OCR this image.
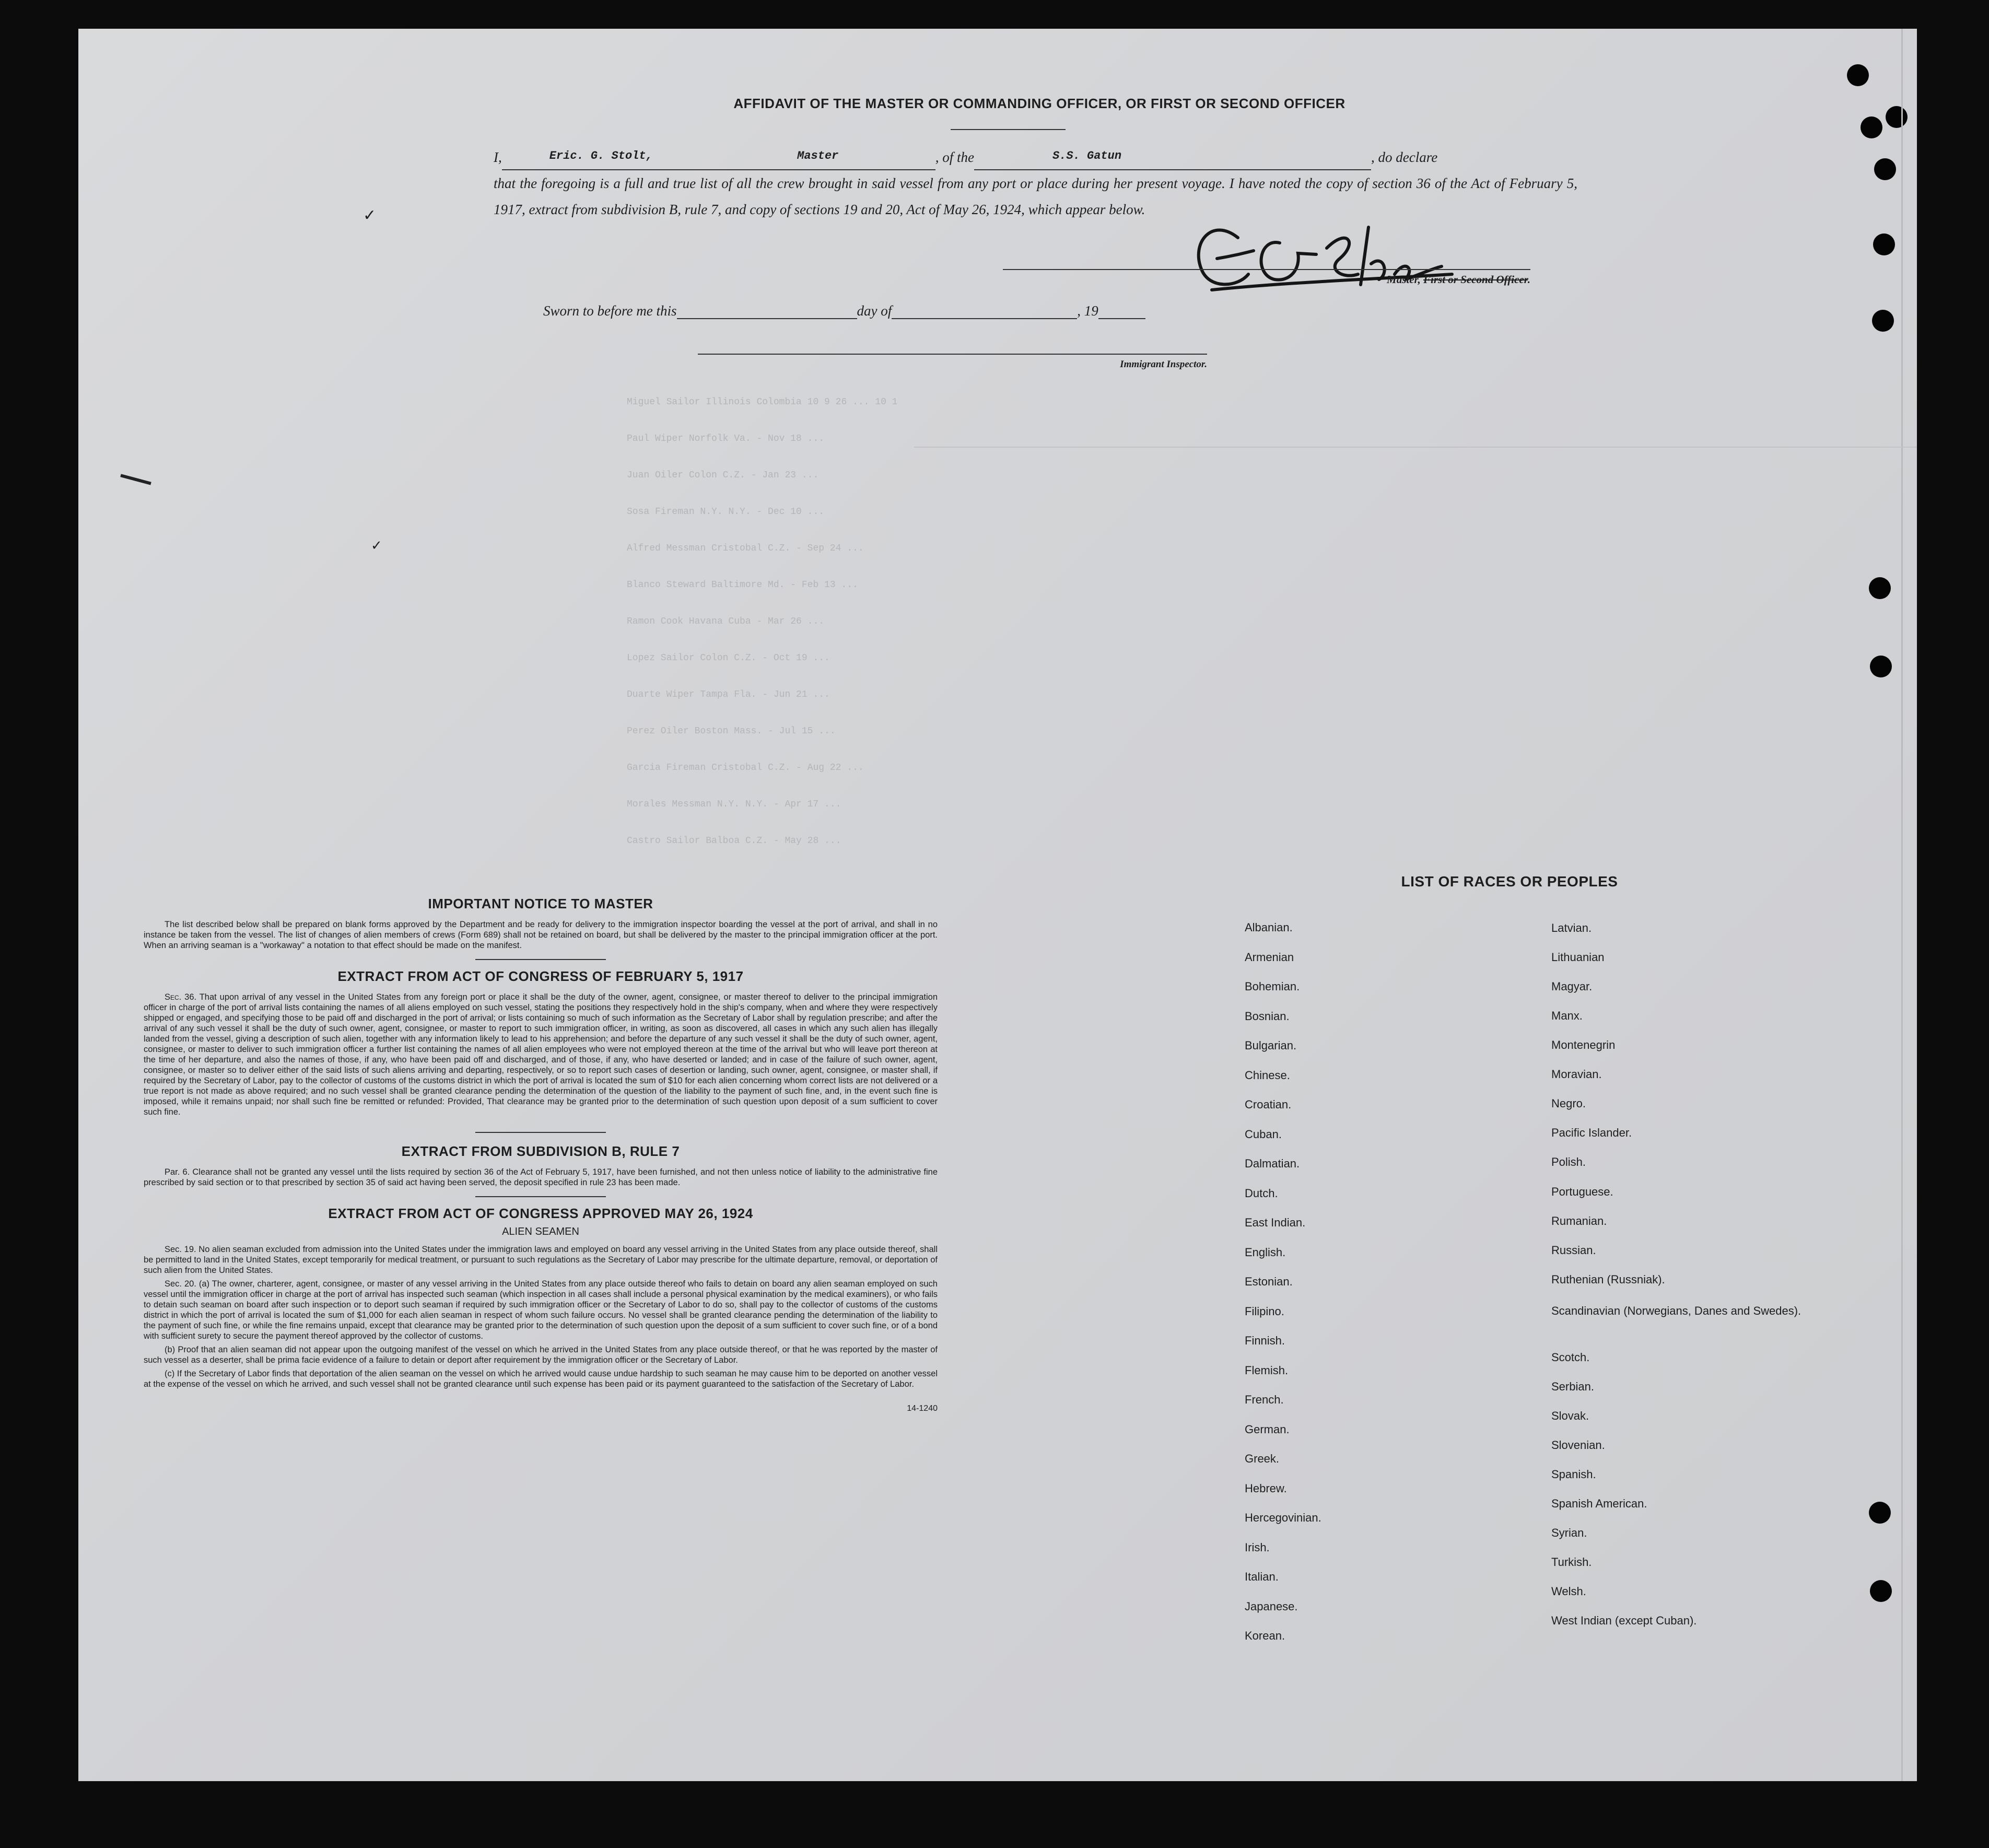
Miguel Sailor Illinois Colombia 10 9 26 ... 10 1
Paul Wiper Norfolk Va. - Nov 18 ...
Juan Oiler Colon C.Z. - Jan 23 ...
Sosa Fireman N.Y. N.Y. - Dec 10 ...
Alfred Messman Cristobal C.Z. - Sep 24 ...
Blanco Steward Baltimore Md. - Feb 13 ...
Ramon Cook Havana Cuba - Mar 26 ...
Lopez Sailor Colon C.Z. - Oct 19 ...
Duarte Wiper Tampa Fla. - Jun 21 ...
Perez Oiler Boston Mass. - Jul 15 ...
Garcia Fireman Cristobal C.Z. - Aug 22 ...
Morales Messman N.Y. N.Y. - Apr 17 ...
Castro Sailor Balboa C.Z. - May 28 ...
AFFIDAVIT OF THE MASTER OR COMMANDING OFFICER, OR FIRST OR SECOND OFFICER
I,	Eric. G. Stolt,	Master	, of the	S.S. Gatun	, do declare
that the foregoing is a full and true list of all the crew brought in said vessel from any port or place during her present voyage. I have noted the copy of section 36 of the Act of February 5, 1917, extract from subdivision B, rule 7, and copy of sections 19 and 20, Act of May 26, 1924, which appear below.
Master, First or Second Officer.
Sworn to before me this	day of	, 19
Immigrant Inspector.
✓
✓
IMPORTANT NOTICE TO MASTER
The list described below shall be prepared on blank forms approved by the Department and be ready for delivery to the immigration inspector boarding the vessel at the port of arrival, and shall in no instance be taken from the vessel. The list of changes of alien members of crews (Form 689) shall not be retained on board, but shall be delivered by the master to the principal immigration officer at the port. When an arriving seaman is a "workaway" a notation to that effect should be made on the manifest.
EXTRACT FROM ACT OF CONGRESS OF FEBRUARY 5, 1917
Sec. 36. That upon arrival of any vessel in the United States from any foreign port or place it shall be the duty of the owner, agent, consignee, or master thereof to deliver to the principal immigration officer in charge of the port of arrival lists containing the names of all aliens employed on such vessel, stating the positions they respectively hold in the ship's company, when and where they were respectively shipped or engaged, and specifying those to be paid off and discharged in the port of arrival; or lists containing so much of such information as the Secretary of Labor shall by regulation prescribe; and after the arrival of any such vessel it shall be the duty of such owner, agent, consignee, or master to report to such immigration officer, in writing, as soon as discovered, all cases in which any such alien has illegally landed from the vessel, giving a description of such alien, together with any information likely to lead to his apprehension; and before the departure of any such vessel it shall be the duty of such owner, agent, consignee, or master to deliver to such immigration officer a further list containing the names of all alien employees who were not employed thereon at the time of the arrival but who will leave port thereon at the time of her departure, and also the names of those, if any, who have been paid off and discharged, and of those, if any, who have deserted or landed; and in case of the failure of such owner, agent, consignee, or master so to deliver either of the said lists of such aliens arriving and departing, respectively, or so to report such cases of desertion or landing, such owner, agent, consignee, or master shall, if required by the Secretary of Labor, pay to the collector of customs of the customs district in which the port of arrival is located the sum of $10 for each alien concerning whom correct lists are not delivered or a true report is not made as above required; and no such vessel shall be granted clearance pending the determination of the question of the liability to the payment of such fine, and, in the event such fine is imposed, while it remains unpaid; nor shall such fine be remitted or refunded: Provided, That clearance may be granted prior to the determination of such question upon deposit of a sum sufficient to cover such fine.
EXTRACT FROM SUBDIVISION B, RULE 7
Par. 6. Clearance shall not be granted any vessel until the lists required by section 36 of the Act of February 5, 1917, have been furnished, and not then unless notice of liability to the administrative fine prescribed by said section or to that prescribed by section 35 of said act having been served, the deposit specified in rule 23 has been made.
EXTRACT FROM ACT OF CONGRESS APPROVED MAY 26, 1924
ALIEN SEAMEN
Sec. 19. No alien seaman excluded from admission into the United States under the immigration laws and employed on board any vessel arriving in the United States from any place outside thereof, shall be permitted to land in the United States, except temporarily for medical treatment, or pursuant to such regulations as the Secretary of Labor may prescribe for the ultimate departure, removal, or deportation of such alien from the United States.
Sec. 20. (a) The owner, charterer, agent, consignee, or master of any vessel arriving in the United States from any place outside thereof who fails to detain on board any alien seaman employed on such vessel until the immigration officer in charge at the port of arrival has inspected such seaman (which inspection in all cases shall include a personal physical examination by the medical examiners), or who fails to detain such seaman on board after such inspection or to deport such seaman if required by such immigration officer or the Secretary of Labor to do so, shall pay to the collector of customs of the customs district in which the port of arrival is located the sum of $1,000 for each alien seaman in respect of whom such failure occurs. No vessel shall be granted clearance pending the determination of the liability to the payment of such fine, or while the fine remains unpaid, except that clearance may be granted prior to the determination of such question upon the deposit of a sum sufficient to cover such fine, or of a bond with sufficient surety to secure the payment thereof approved by the collector of customs.
(b) Proof that an alien seaman did not appear upon the outgoing manifest of the vessel on which he arrived in the United States from any place outside thereof, or that he was reported by the master of such vessel as a deserter, shall be prima facie evidence of a failure to detain or deport after requirement by the immigration officer or the Secretary of Labor.
(c) If the Secretary of Labor finds that deportation of the alien seaman on the vessel on which he arrived would cause undue hardship to such seaman he may cause him to be deported on another vessel at the expense of the vessel on which he arrived, and such vessel shall not be granted clearance until such expense has been paid or its payment guaranteed to the satisfaction of the Secretary of Labor.
14-1240
LIST OF RACES OR PEOPLES
Albanian.
Armenian
Bohemian.
Bosnian.
Bulgarian.
Chinese.
Croatian.
Cuban.
Dalmatian.
Dutch.
East Indian.
English.
Estonian.
Filipino.
Finnish.
Flemish.
French.
German.
Greek.
Hebrew.
Hercegovinian.
Irish.
Italian.
Japanese.
Korean.
Latvian.
Lithuanian
Magyar.
Manx.
Montenegrin
Moravian.
Negro.
Pacific Islander.
Polish.
Portuguese.
Rumanian.
Russian.
Ruthenian (Russniak).
Scandinavian (Norwegians, Danes and Swedes).
Scotch.
Serbian.
Slovak.
Slovenian.
Spanish.
Spanish American.
Syrian.
Turkish.
Welsh.
West Indian (except Cuban).
